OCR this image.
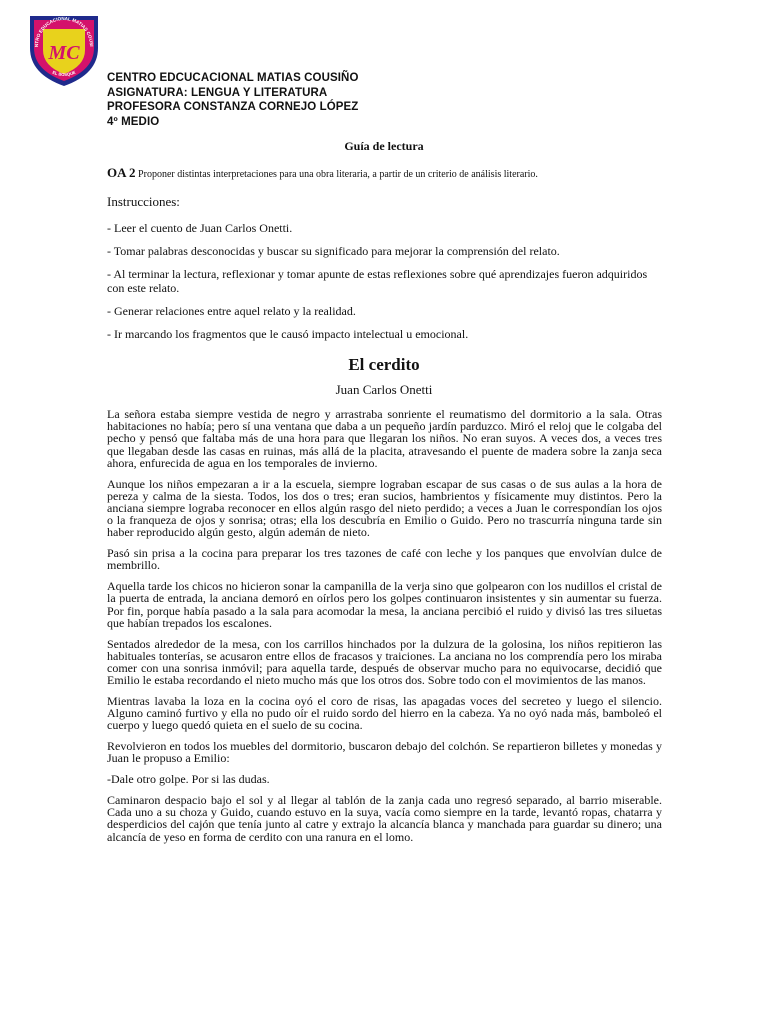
NTRO EDUCACIONAL MATIAS COUSI
MC
EL BOSQUE	CENTRO EDCUCACIONAL MATIAS COUSIÑO
ASIGNATURA: LENGUA Y LITERATURA
PROFESORA CONSTANZA CORNEJO LÓPEZ
4º MEDIO
Guía de lectura
OA 2 Proponer distintas interpretaciones para una obra literaria, a partir de un criterio de análisis literario.
Instrucciones:

- Leer el cuento de Juan Carlos Onetti.

- Tomar palabras desconocidas y buscar su significado para mejorar la comprensión del relato.

- Al terminar la lectura, reflexionar y tomar apunte de estas reflexiones sobre qué aprendizajes fueron adquiridos con este relato.

- Generar relaciones entre aquel relato y la realidad.

- Ir marcando los fragmentos que le causó impacto intelectual u emocional.

El cerdito
Juan Carlos Onetti

La señora estaba siempre vestida de negro y arrastraba sonriente el reumatismo del dormitorio a la sala. Otras habitaciones no había; pero sí una ventana que daba a un pequeño jardín parduzco. Miró el reloj que le colgaba del pecho y pensó que faltaba más de una hora para que llegaran los niños. No eran suyos. A veces dos, a veces tres que llegaban desde las casas en ruinas, más allá de la placita, atravesando el puente de madera sobre la zanja seca ahora, enfurecida de agua en los temporales de invierno.

Aunque los niños empezaran a ir a la escuela, siempre lograban escapar de sus casas o de sus aulas a la hora de pereza y calma de la siesta. Todos, los dos o tres; eran sucios, hambrientos y físicamente muy distintos. Pero la anciana siempre lograba reconocer en ellos algún rasgo del nieto perdido; a veces a Juan le correspondían los ojos o la franqueza de ojos y sonrisa; otras; ella los descubría en Emilio o Guido. Pero no trascurría ninguna tarde sin haber reproducido algún gesto, algún ademán de nieto.

Pasó sin prisa a la cocina para preparar los tres tazones de café con leche y los panques que envolvían dulce de membrillo.

Aquella tarde los chicos no hicieron sonar la campanilla de la verja sino que golpearon con los nudillos el cristal de la puerta de entrada, la anciana demoró en oírlos pero los golpes continuaron insistentes y sin aumentar su fuerza. Por fin, porque había pasado a la sala para acomodar la mesa, la anciana percibió el ruido y divisó las tres siluetas que habían trepados los escalones.

Sentados alrededor de la mesa, con los carrillos hinchados por la dulzura de la golosina, los niños repitieron las habituales tonterías, se acusaron entre ellos de fracasos y traiciones. La anciana no los comprendía pero los miraba comer con una sonrisa inmóvil; para aquella tarde, después de observar mucho para no equivocarse, decidió que Emilio le estaba recordando el nieto mucho más que los otros dos. Sobre todo con el movimientos de las manos.

Mientras lavaba la loza en la cocina oyó el coro de risas, las apagadas voces del secreteo y luego el silencio. Alguno caminó furtivo y ella no pudo oír el ruido sordo del hierro en la cabeza. Ya no oyó nada más, bamboleó el cuerpo y luego quedó quieta en el suelo de su cocina.

Revolvieron en todos los muebles del dormitorio, buscaron debajo del colchón. Se repartieron billetes y monedas y Juan le propuso a Emilio:

-Dale otro golpe. Por si las dudas.

Caminaron despacio bajo el sol y al llegar al tablón de la zanja cada uno regresó separado, al barrio miserable. Cada uno a su choza y Guido, cuando estuvo en la suya, vacía como siempre en la tarde, levantó ropas, chatarra y desperdicios del cajón que tenía junto al catre y extrajo la alcancía blanca y manchada para guardar su dinero; una alcancía de yeso en forma de cerdito con una ranura en el lomo.
